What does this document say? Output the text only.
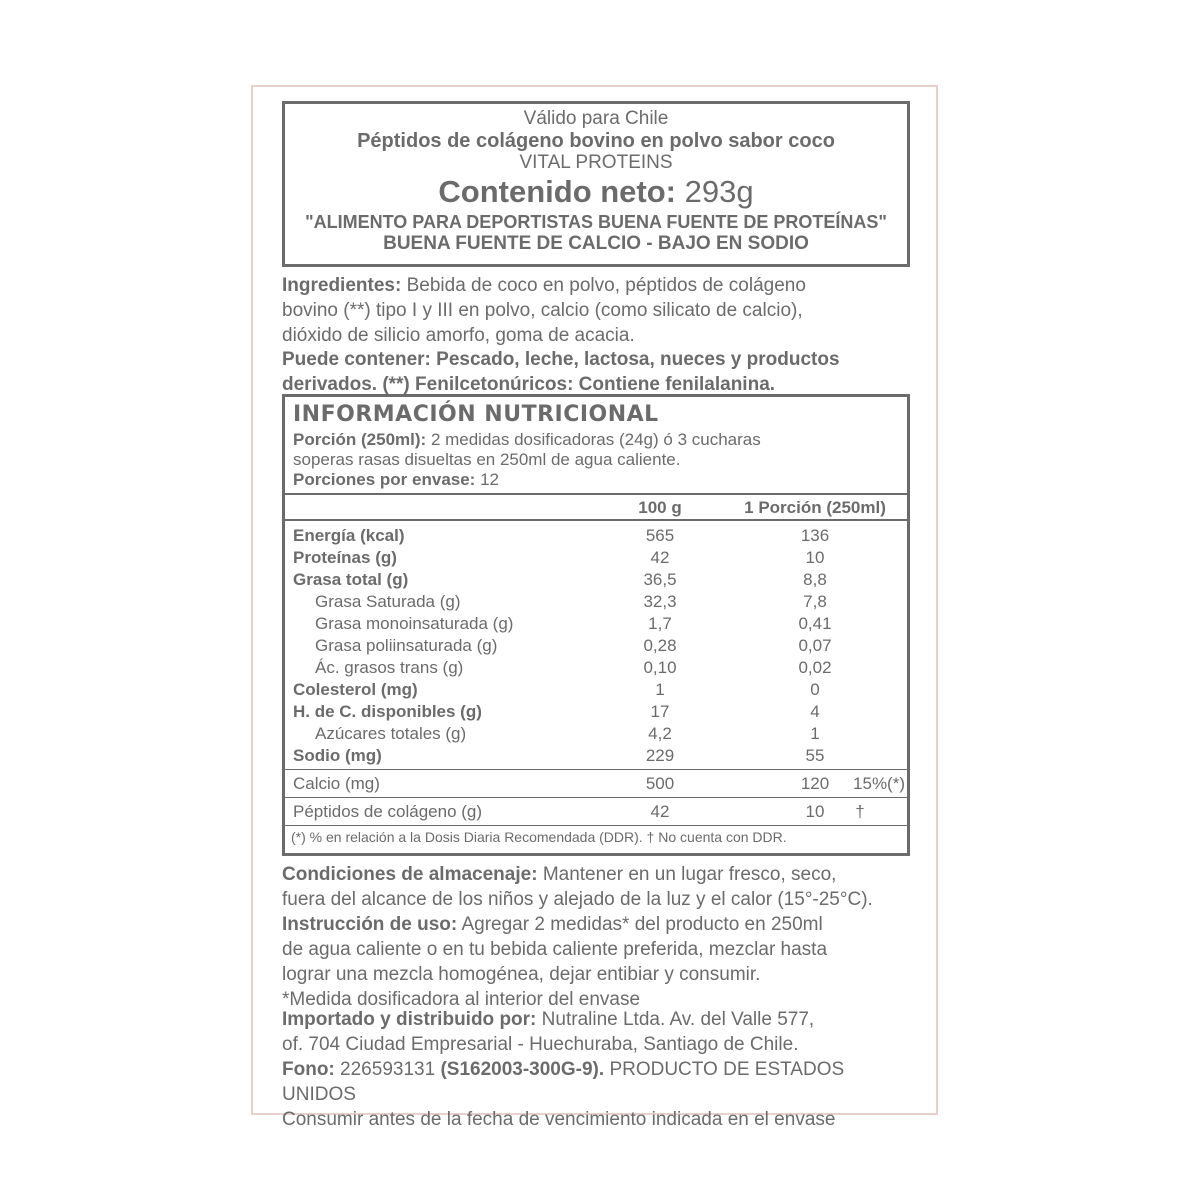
Válido para Chile
Péptidos de colágeno bovino en polvo sabor coco
VITAL PROTEINS
Contenido neto: 293g
"ALIMENTO PARA DEPORTISTAS BUENA FUENTE DE PROTEÍNAS"
BUENA FUENTE DE CALCIO - BAJO EN SODIO
Ingredientes: Bebida de coco en polvo, péptidos de colágeno
bovino (**) tipo I y III en polvo, calcio (como silicato de calcio),
dióxido de silicio amorfo, goma de acacia.
Puede contener: Pescado, leche, lactosa, nueces y productos
derivados. (**) Fenilcetonúricos: Contiene fenilalanina.
INFORMACIÓN NUTRICIONAL
Porción (250ml): 2 medidas dosificadoras (24g) ó 3 cucharas
soperas rasas disueltas en 250ml de agua caliente.
Porciones por envase: 12
100 g	1 Porción (250ml)
Energía (kcal)	565	136
Proteínas (g)	42	10
Grasa total (g)	36,5	8,8
Grasa Saturada (g)	32,3	7,8
Grasa monoinsaturada (g)	1,7	0,41
Grasa poliinsaturada (g)	0,28	0,07
Ác. grasos trans (g)	0,10	0,02
Colesterol (mg)	1	0
H. de C. disponibles (g)	17	4
Azúcares totales (g)	4,2	1
Sodio (mg)	229	55
Calcio (mg)	500	120	15%(*)
Péptidos de colágeno (g)	42	10	†
(*) % en relación a la Dosis Diaria Recomendada (DDR). † No cuenta con DDR.
Condiciones de almacenaje: Mantener en un lugar fresco, seco,
fuera del alcance de los niños y alejado de la luz y el calor (15°-25°C).
Instrucción de uso: Agregar 2 medidas* del producto en 250ml
de agua caliente o en tu bebida caliente preferida, mezclar hasta
lograr una mezcla homogénea, dejar entibiar y consumir.
*Medida dosificadora al interior del envase
Importado y distribuido por: Nutraline Ltda. Av. del Valle 577,
of. 704 Ciudad Empresarial - Huechuraba, Santiago de Chile.
Fono: 226593131 (S162003-300G-9). PRODUCTO DE ESTADOS UNIDOS
Consumir antes de la fecha de vencimiento indicada en el envase
